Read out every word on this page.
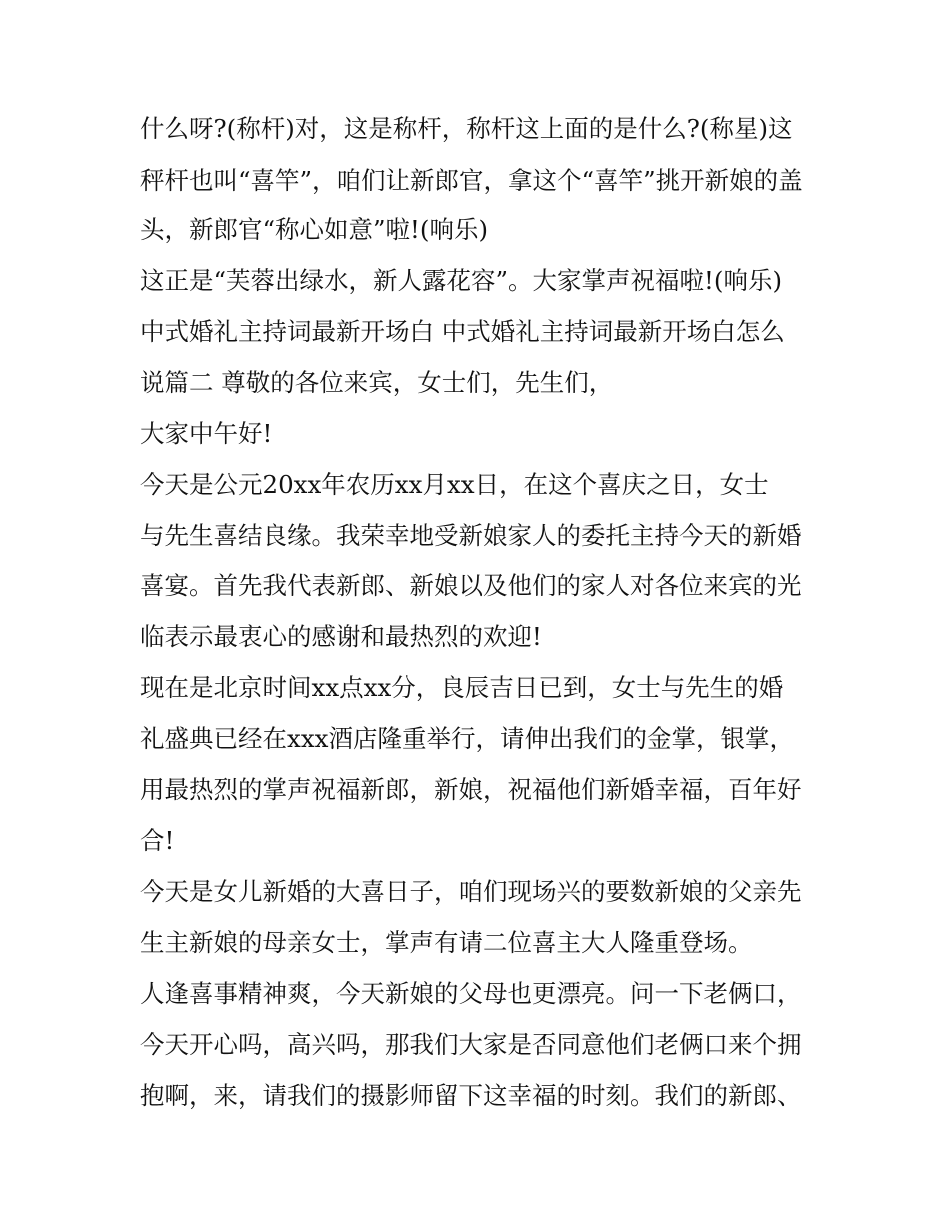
什么呀?(称杆)对，这是称杆，称杆这上面的是什么?(称星)这
秤杆也叫“喜竿”，咱们让新郎官，拿这个“喜竿”挑开新娘的盖
头，新郎官“称心如意”啦!(响乐)
这正是“芙蓉出绿水，新人露花容”。大家掌声祝福啦!(响乐)
中式婚礼主持词最新开场白 中式婚礼主持词最新开场白怎么
说篇二 尊敬的各位来宾，女士们，先生们，
大家中午好!
今天是公元20xx年农历xx月xx日，在这个喜庆之日，女士
与先生喜结良缘。我荣幸地受新娘家人的委托主持今天的新婚
喜宴。首先我代表新郎、新娘以及他们的家人对各位来宾的光
临表示最衷心的感谢和最热烈的欢迎!
现在是北京时间xx点xx分，良辰吉日已到，女士与先生的婚
礼盛典已经在xxx酒店隆重举行，请伸出我们的金掌，银掌，
用最热烈的掌声祝福新郎，新娘，祝福他们新婚幸福，百年好
合!
今天是女儿新婚的大喜日子，咱们现场兴的要数新娘的父亲先
生主新娘的母亲女士，掌声有请二位喜主大人隆重登场。
人逢喜事精神爽，今天新娘的父母也更漂亮。问一下老俩口，
今天开心吗，高兴吗，那我们大家是否同意他们老俩口来个拥
抱啊，来，请我们的摄影师留下这幸福的时刻。我们的新郎、
